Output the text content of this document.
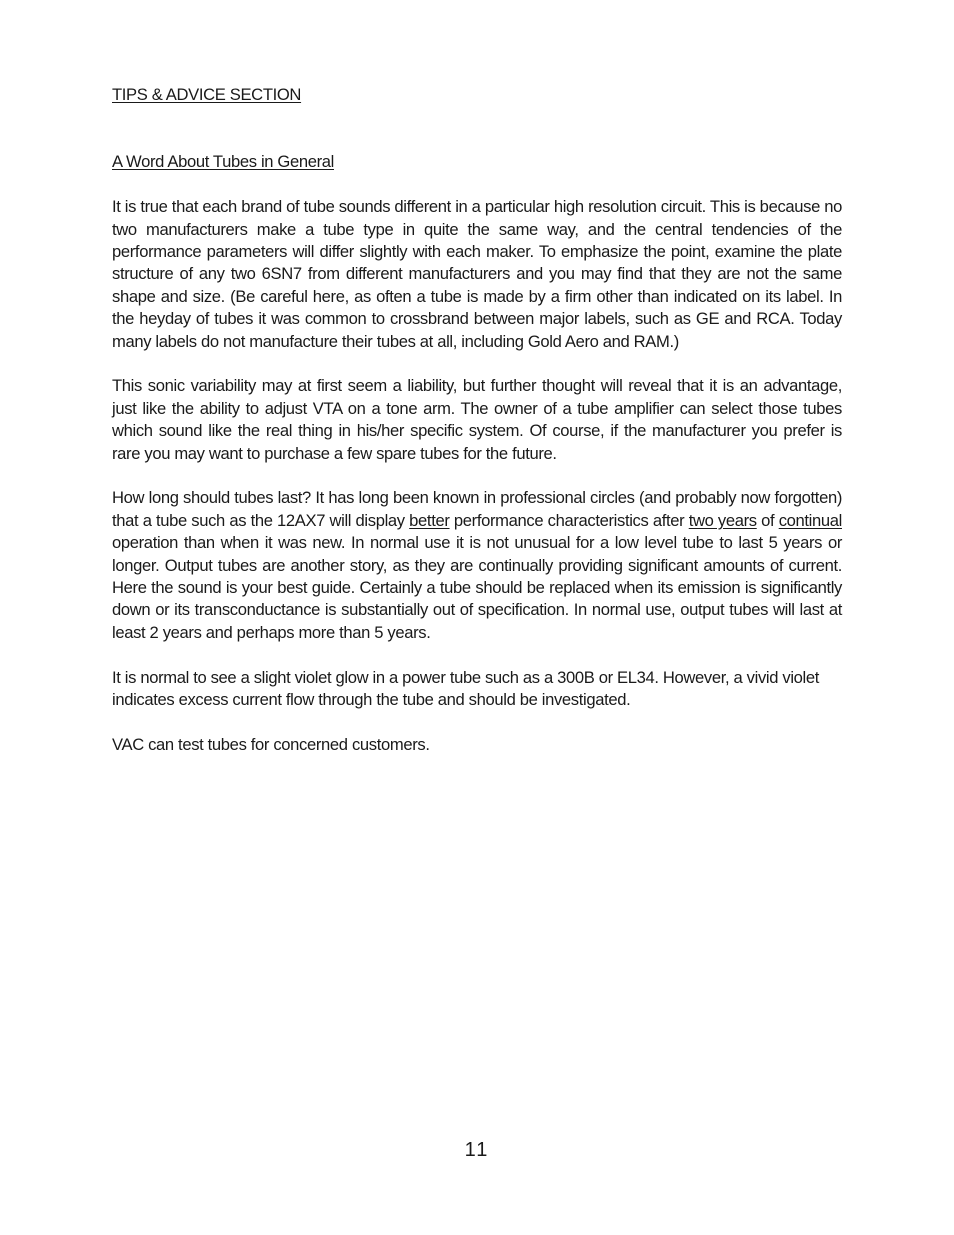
TIPS & ADVICE SECTION
A Word About Tubes in General

It is true that each brand of tube sounds different in a particular high resolution circuit. This is because no two manufacturers make a tube type in quite the same way, and the central tendencies of the performance parameters will differ slightly with each maker. To emphasize the point, examine the plate structure of any two 6SN7 from different manufacturers and you may find that they are not the same shape and size. (Be careful here, as often a tube is made by a firm other than indicated on its label. In the heyday of tubes it was common to crossbrand between major labels, such as GE and RCA. Today many labels do not manufacture their tubes at all, including Gold Aero and RAM.)

This sonic variability may at first seem a liability, but further thought will reveal that it is an advantage, just like the ability to adjust VTA on a tone arm. The owner of a tube amplifier can select those tubes which sound like the real thing in his/her specific system. Of course, if the manufacturer you prefer is rare you may want to purchase a few spare tubes for the future.

How long should tubes last? It has long been known in professional circles (and probably now forgotten) that a tube such as the 12AX7 will display better performance characteristics after two years of continual operation than when it was new. In normal use it is not unusual for a low level tube to last 5 years or longer. Output tubes are another story, as they are continually providing significant amounts of current. Here the sound is your best guide. Certainly a tube should be replaced when its emission is significantly down or its transconductance is substantially out of specification. In normal use, output tubes will last at least 2 years and perhaps more than 5 years.

It is normal to see a slight violet glow in a power tube such as a 300B or EL34. However, a vivid violet indicates excess current flow through the tube and should be investigated.

VAC can test tubes for concerned customers.

11
